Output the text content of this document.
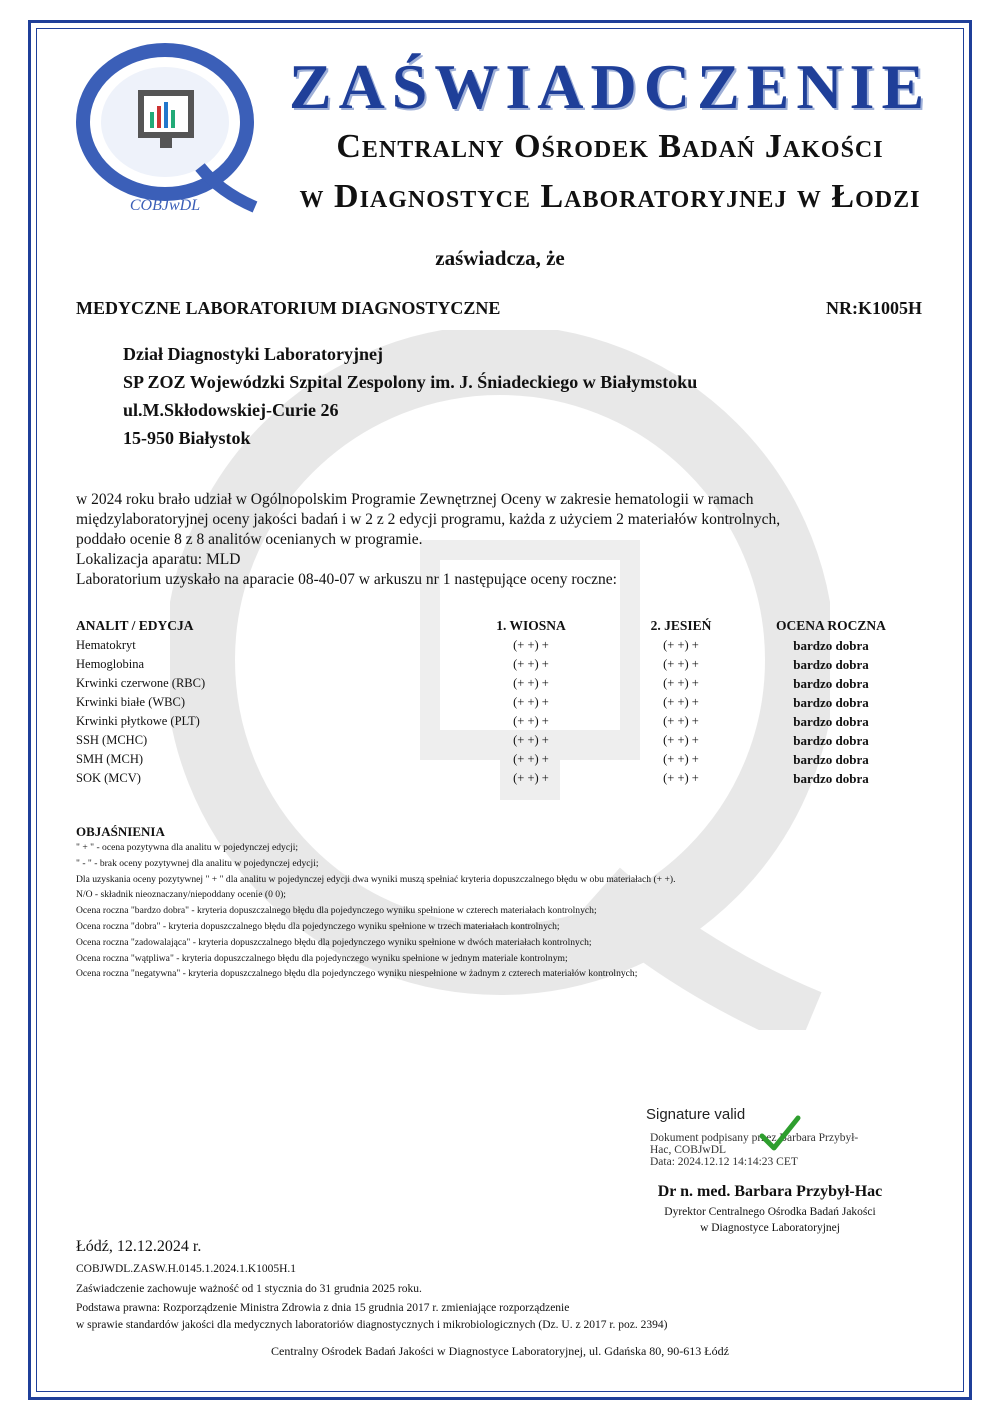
COBJwDL
ZAŚWIADCZENIE
Centralny Ośrodek Badań Jakości
w Diagnostyce Laboratoryjnej w Łodzi
zaświadcza, że
MEDYCZNE LABORATORIUM DIAGNOSTYCZNE	NR:K1005H
Dział Diagnostyki Laboratoryjnej
SP ZOZ Wojewódzki Szpital Zespolony im. J. Śniadeckiego w Białymstoku
ul.M.Skłodowskiej-Curie 26
15-950 Białystok
w 2024 roku brało udział w Ogólnopolskim Programie Zewnętrznej Oceny w zakresie hematologii w ramach
międzylaboratoryjnej oceny jakości badań i w 2 z 2 edycji programu, każda z użyciem 2 materiałów kontrolnych,
poddało ocenie 8 z 8 analitów ocenianych w programie.
Lokalizacja aparatu: MLD
Laboratorium uzyskało na aparacie 08-40-07 w arkuszu nr 1 następujące oceny roczne:
ANALIT / EDYCJA	1. WIOSNA	2. JESIEŃ	OCENA ROCZNA
Hematokryt	(+ +) +	(+ +) +	bardzo dobra
Hemoglobina	(+ +) +	(+ +) +	bardzo dobra
Krwinki czerwone (RBC)	(+ +) +	(+ +) +	bardzo dobra
Krwinki białe (WBC)	(+ +) +	(+ +) +	bardzo dobra
Krwinki płytkowe (PLT)	(+ +) +	(+ +) +	bardzo dobra
SSH (MCHC)	(+ +) +	(+ +) +	bardzo dobra
SMH (MCH)	(+ +) +	(+ +) +	bardzo dobra
SOK (MCV)	(+ +) +	(+ +) +	bardzo dobra
OBJAŚNIENIA
" + " - ocena pozytywna dla analitu w pojedynczej edycji;
" - " - brak oceny pozytywnej dla analitu w pojedynczej edycji;
Dla uzyskania oceny pozytywnej " + " dla analitu w pojedynczej edycji dwa wyniki muszą spełniać kryteria dopuszczalnego błędu w obu materiałach (+ +).
N/O - składnik nieoznaczany/niepoddany ocenie (0 0);
Ocena roczna "bardzo dobra" - kryteria dopuszczalnego błędu dla pojedynczego wyniku spełnione w czterech materiałach kontrolnych;
Ocena roczna "dobra" - kryteria dopuszczalnego błędu dla pojedynczego wyniku spełnione w trzech materiałach kontrolnych;
Ocena roczna "zadowalająca" - kryteria dopuszczalnego błędu dla pojedynczego wyniku spełnione w dwóch materiałach kontrolnych;
Ocena roczna "wątpliwa" - kryteria dopuszczalnego błędu dla pojedynczego wyniku spełnione w jednym materiale kontrolnym;
Ocena roczna "negatywna" - kryteria dopuszczalnego błędu dla pojedynczego wyniku niespełnione w żadnym z czterech materiałów kontrolnych;
Signature valid
Dokument podpisany przez Barbara Przybył-
Hac, COBJwDL
Data: 2024.12.12 14:14:23 CET
Dr n. med. Barbara Przybył-Hac
Dyrektor Centralnego Ośrodka Badań Jakości
w Diagnostyce Laboratoryjnej
Łódź, 12.12.2024 r.
COBJWDL.ZASW.H.0145.1.2024.1.K1005H.1
Zaświadczenie zachowuje ważność od 1 stycznia do 31 grudnia 2025 roku.
Podstawa prawna: Rozporządzenie Ministra Zdrowia z dnia 15 grudnia 2017 r. zmieniające rozporządzenie
w sprawie standardów jakości dla medycznych laboratoriów diagnostycznych i mikrobiologicznych (Dz. U. z 2017 r. poz. 2394)
Centralny Ośrodek Badań Jakości w Diagnostyce Laboratoryjnej, ul. Gdańska 80, 90-613 Łódź
